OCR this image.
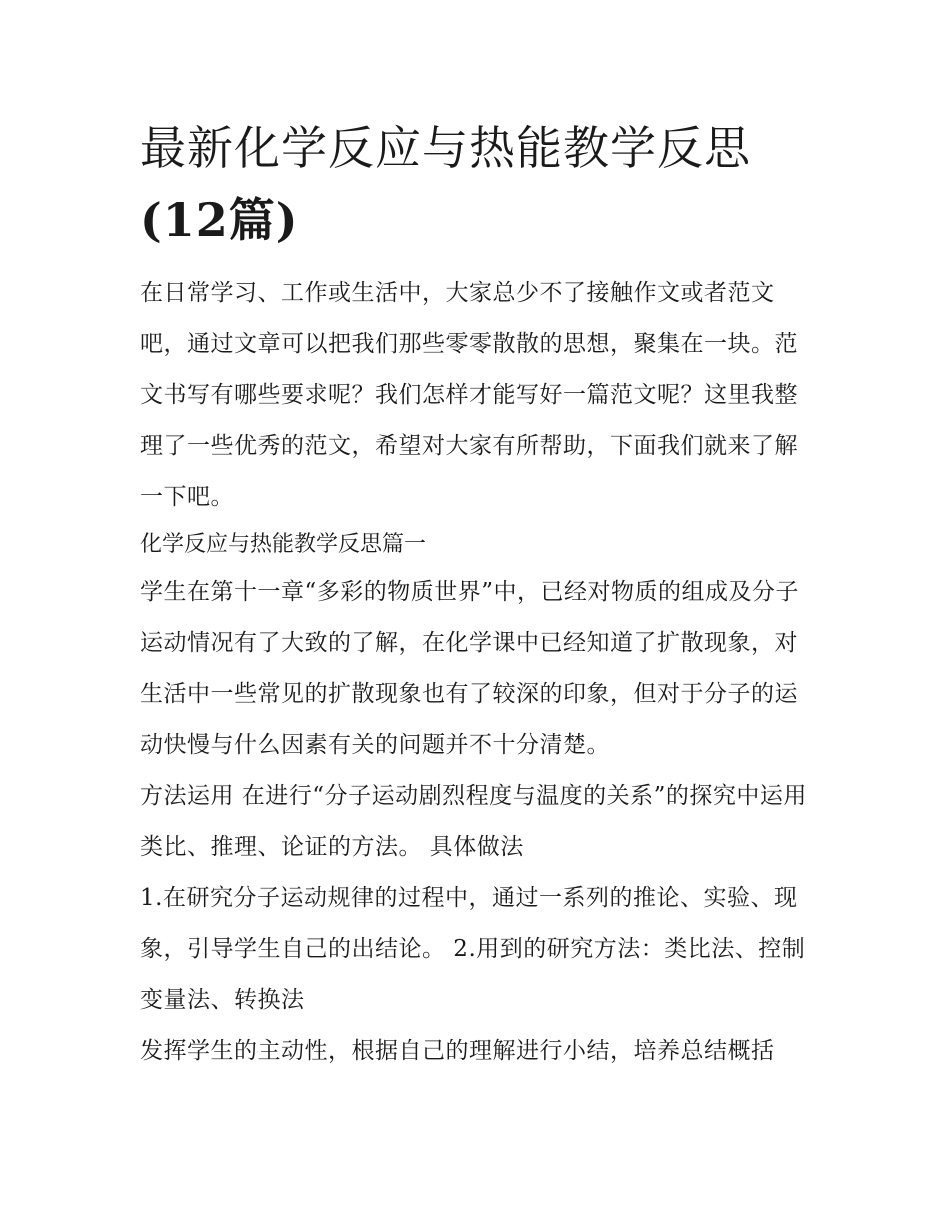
最新化学反应与热能教学反思
(12篇)

在日常学习、工作或生活中，大家总少不了接触作文或者范文吧，通过文章可以把我们那些零零散散的思想，聚集在一块。范文书写有哪些要求呢？我们怎样才能写好一篇范文呢？这里我整理了一些优秀的范文，希望对大家有所帮助，下面我们就来了解一下吧。

化学反应与热能教学反思篇一

学生在第十一章“多彩的物质世界”中，已经对物质的组成及分子运动情况有了大致的了解，在化学课中已经知道了扩散现象，对生活中一些常见的扩散现象也有了较深的印象，但对于分子的运动快慢与什么因素有关的问题并不十分清楚。

方法运用 在进行“分子运动剧烈程度与温度的关系”的探究中运用类比、推理、论证的方法。 具体做法

1.在研究分子运动规律的过程中，通过一系列的推论、实验、现象，引导学生自己的出结论。 2.用到的研究方法：类比法、控制变量法、转换法

发挥学生的主动性，根据自己的理解进行小结，培养总结概括
